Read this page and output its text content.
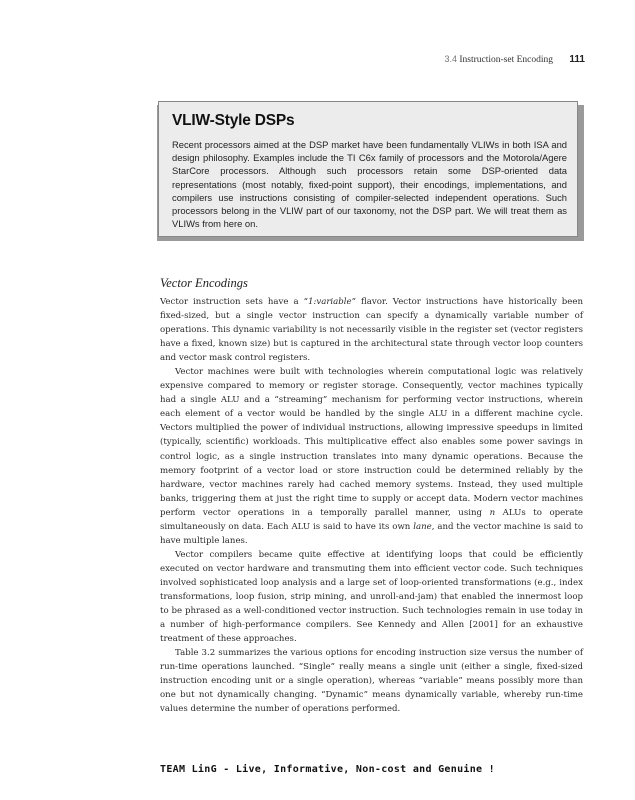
3.4 Instruction-set Encoding 111
VLIW-Style DSPs

Recent processors aimed at the DSP market have been fundamentally VLIWs in both ISA and design philosophy. Examples include the TI C6x family of processors and the Motorola/Agere StarCore processors. Although such processors retain some DSP-oriented data representations (most notably, fixed-point support), their encodings, implementations, and compilers use instructions consisting of compiler-selected independent operations. Such processors belong in the VLIW part of our taxonomy, not the DSP part. We will treat them as VLIWs from here on.

Vector Encodings

Vector instruction sets have a “1:variable” flavor. Vector instructions have historically been fixed-sized, but a single vector instruction can specify a dynamically variable number of operations. This dynamic variability is not necessarily visible in the register set (vector registers have a fixed, known size) but is captured in the architectural state through vector loop counters and vector mask control registers.

Vector machines were built with technologies wherein computational logic was relatively expensive compared to memory or register storage. Consequently, vector machines typically had a single ALU and a “streaming” mechanism for performing vector instructions, wherein each element of a vector would be handled by the single ALU in a different machine cycle. Vectors multiplied the power of individual instructions, allowing impressive speedups in limited (typically, scientific) workloads. This multiplicative effect also enables some power savings in control logic, as a single instruction translates into many dynamic operations. Because the memory footprint of a vector load or store instruction could be determined reliably by the hardware, vector machines rarely had cached memory systems. Instead, they used multiple banks, triggering them at just the right time to supply or accept data. Modern vector machines perform vector operations in a temporally parallel manner, using n ALUs to operate simultaneously on data. Each ALU is said to have its own lane, and the vector machine is said to have multiple lanes.

Vector compilers became quite effective at identifying loops that could be efficiently executed on vector hardware and transmuting them into efficient vector code. Such techniques involved sophisticated loop analysis and a large set of loop-oriented transformations (e.g., index transformations, loop fusion, strip mining, and unroll-and-jam) that enabled the innermost loop to be phrased as a well-conditioned vector instruction. Such technologies remain in use today in a number of high-performance compilers. See Kennedy and Allen [2001] for an exhaustive treatment of these approaches.

Table 3.2 summarizes the various options for encoding instruction size versus the number of run-time operations launched. “Single” really means a single unit (either a single, fixed-sized instruction encoding unit or a single operation), whereas “variable” means possibly more than one but not dynamically changing. “Dynamic” means dynamically variable, whereby run-time values determine the number of operations performed.

TEAM LinG - Live, Informative, Non-cost and Genuine !
